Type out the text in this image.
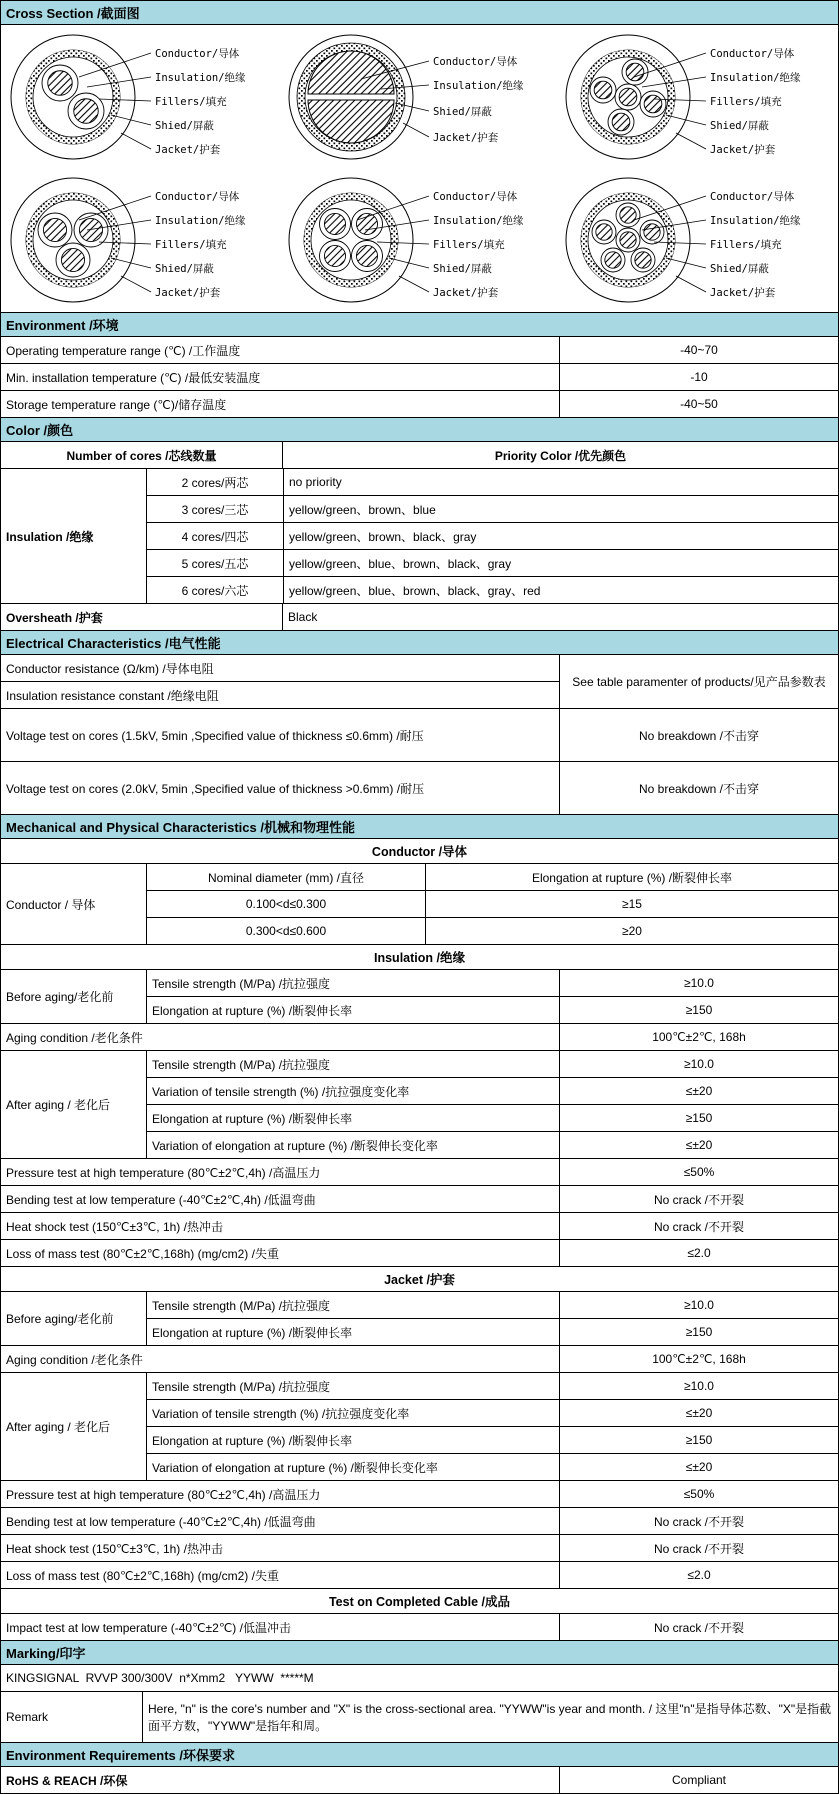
Cross Section /截面图
Conductor/导体
Insulation/绝缘
Fillers/填充
Shied/屏蔽
Jacket/护套
Conductor/导体
Insulation/绝缘
Shied/屏蔽
Jacket/护套
Conductor/导体
Insulation/绝缘
Fillers/填充
Shied/屏蔽
Jacket/护套
Conductor/导体
Insulation/绝缘
Fillers/填充
Shied/屏蔽
Jacket/护套
Conductor/导体
Insulation/绝缘
Fillers/填充
Shied/屏蔽
Jacket/护套
Conductor/导体
Insulation/绝缘
Fillers/填充
Shied/屏蔽
Jacket/护套
Environment /环境
Operating temperature range (℃) /工作温度	-40~70
Min. installation temperature (℃) /最低安装温度	-10
Storage temperature range (℃)/储存温度	-40~50
Color /颜色
Number of cores /芯线数量	Priority Color /优先颜色
Insulation /绝缘
2 cores/两芯	no priority
3 cores/三芯	yellow/green、brown、blue
4 cores/四芯	yellow/green、brown、black、gray
5 cores/五芯	yellow/green、blue、brown、black、gray
6 cores/六芯	yellow/green、blue、brown、black、gray、red
Oversheath /护套	Black
Electrical Characteristics /电气性能
Conductor resistance (Ω/km) /导体电阻
Insulation resistance constant /绝缘电阻
See table paramenter of products/见产品参数表
Voltage test on cores (1.5kV, 5min ,Specified value of thickness ≤0.6mm) /耐压	No breakdown /不击穿
Voltage test on cores (2.0kV, 5min ,Specified value of thickness >0.6mm) /耐压	No breakdown /不击穿
Mechanical and Physical Characteristics /机械和物理性能
Conductor /导体
Conductor / 导体
Nominal diameter (mm) /直径	Elongation at rupture (%) /断裂伸长率
0.100<d≤0.300	≥15
0.300<d≤0.600	≥20
Insulation /绝缘
Before aging/老化前
Tensile strength (M/Pa) /抗拉强度	≥10.0
Elongation at rupture (%) /断裂伸长率	≥150
Aging condition /老化条件	100℃±2℃, 168h
After aging / 老化后
Tensile strength (M/Pa) /抗拉强度	≥10.0
Variation of tensile strength (%) /抗拉强度变化率	≤±20
Elongation at rupture (%) /断裂伸长率	≥150
Variation of elongation at rupture (%) /断裂伸长变化率	≤±20
Pressure test at high temperature (80℃±2℃,4h) /高温压力	≤50%
Bending test at low temperature (-40℃±2℃,4h) /低温弯曲	No crack /不开裂
Heat shock test (150℃±3℃, 1h) /热冲击	No crack /不开裂
Loss of mass test (80℃±2℃,168h) (mg/cm2) /失重	≤2.0
Jacket /护套
Before aging/老化前
Tensile strength (M/Pa) /抗拉强度	≥10.0
Elongation at rupture (%) /断裂伸长率	≥150
Aging condition /老化条件	100℃±2℃, 168h
After aging / 老化后
Tensile strength (M/Pa) /抗拉强度	≥10.0
Variation of tensile strength (%) /抗拉强度变化率	≤±20
Elongation at rupture (%) /断裂伸长率	≥150
Variation of elongation at rupture (%) /断裂伸长变化率	≤±20
Pressure test at high temperature (80℃±2℃,4h) /高温压力	≤50%
Bending test at low temperature (-40℃±2℃,4h) /低温弯曲	No crack /不开裂
Heat shock test (150℃±3℃, 1h) /热冲击	No crack /不开裂
Loss of mass test (80℃±2℃,168h) (mg/cm2) /失重	≤2.0
Test on Completed Cable /成品
Impact test at low temperature (-40℃±2℃) /低温冲击	No crack /不开裂
Marking/印字
KINGSIGNAL  RVVP 300/300V  n*Xmm2   YYWW  *****M
Remark
Here, "n" is the core's number and "X" is the cross-sectional area. "YYWW"is year and month. / 这里"n"是指导体芯数、"X"是指截面平方数，"YYWW"是指年和周。
Environment Requirements /环保要求
RoHS & REACH /环保	Compliant
